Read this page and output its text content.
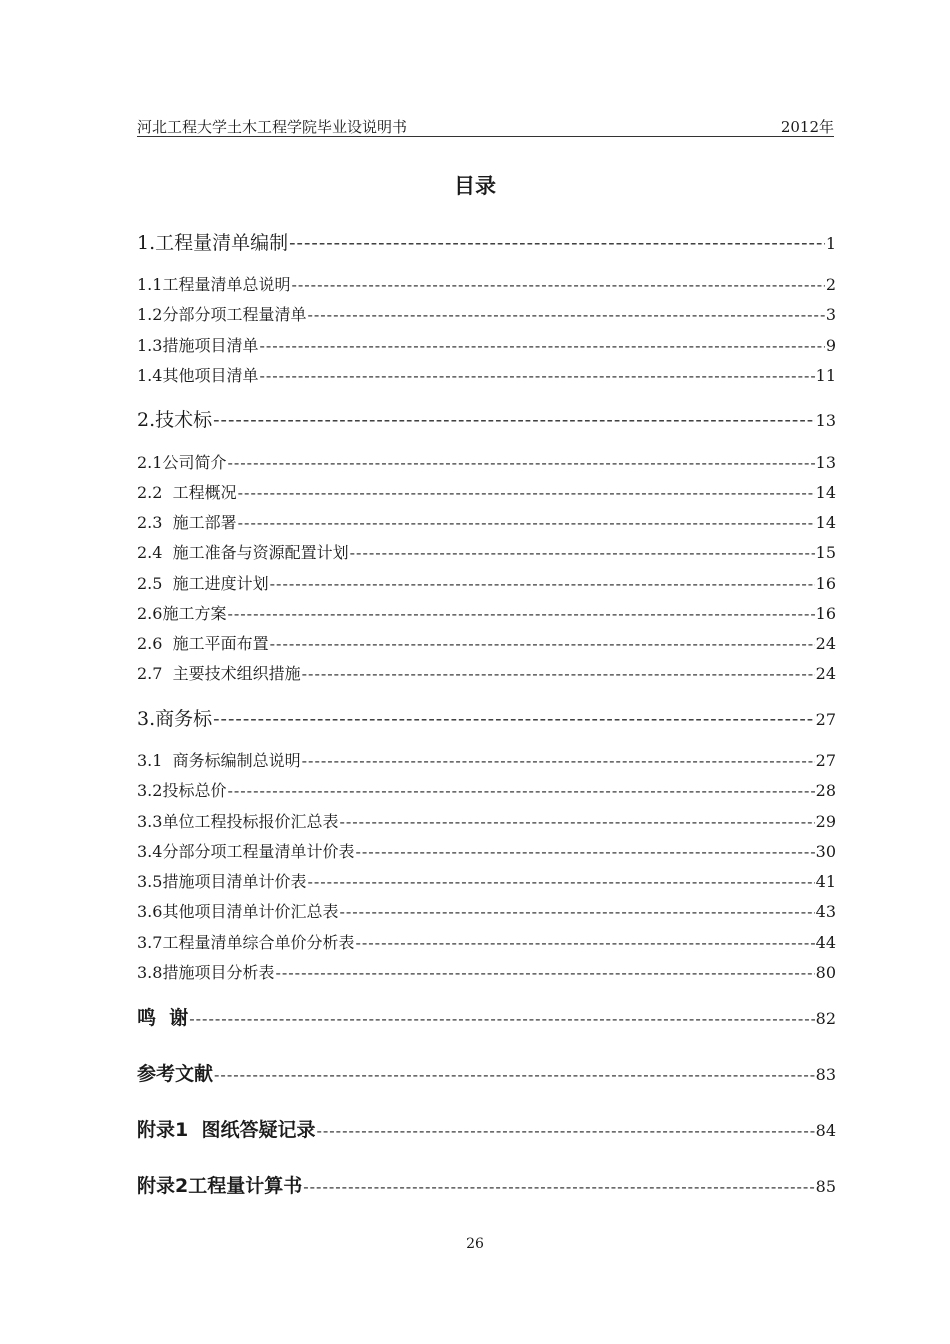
河北工程大学土木工程学院毕业设说明书	2012年
目录
1.工程量清单编制 -----	1
1.1工程量清单总说明 -----	2
1.2分部分项工程量清单 -----	3
1.3措施项目清单 -----	9
1.4其他项目清单 -----	11
2.技术标 -----	13
2.1公司简介 -----	13
2.2  工程概况 -----	14
2.3  施工部署 -----	14
2.4  施工准备与资源配置计划 -----	15
2.5  施工进度计划 -----	16
2.6施工方案 -----	16
2.6  施工平面布置 -----	24
2.7  主要技术组织措施 -----	24
3.商务标 -----	27
3.1  商务标编制总说明 -----	27
3.2投标总价 -----	28
3.3单位工程投标报价汇总表 -----	29
3.4分部分项工程量清单计价表 -----	30
3.5措施项目清单计价表 -----	41
3.6其他项目清单计价汇总表 -----	43
3.7工程量清单综合单价分析表 -----	44
3.8措施项目分析表 -----	80
鸣  谢 -----	82
参考文献 -----	83
附录1  图纸答疑记录 -----	84
附录2工程量计算书 -----	85
26
